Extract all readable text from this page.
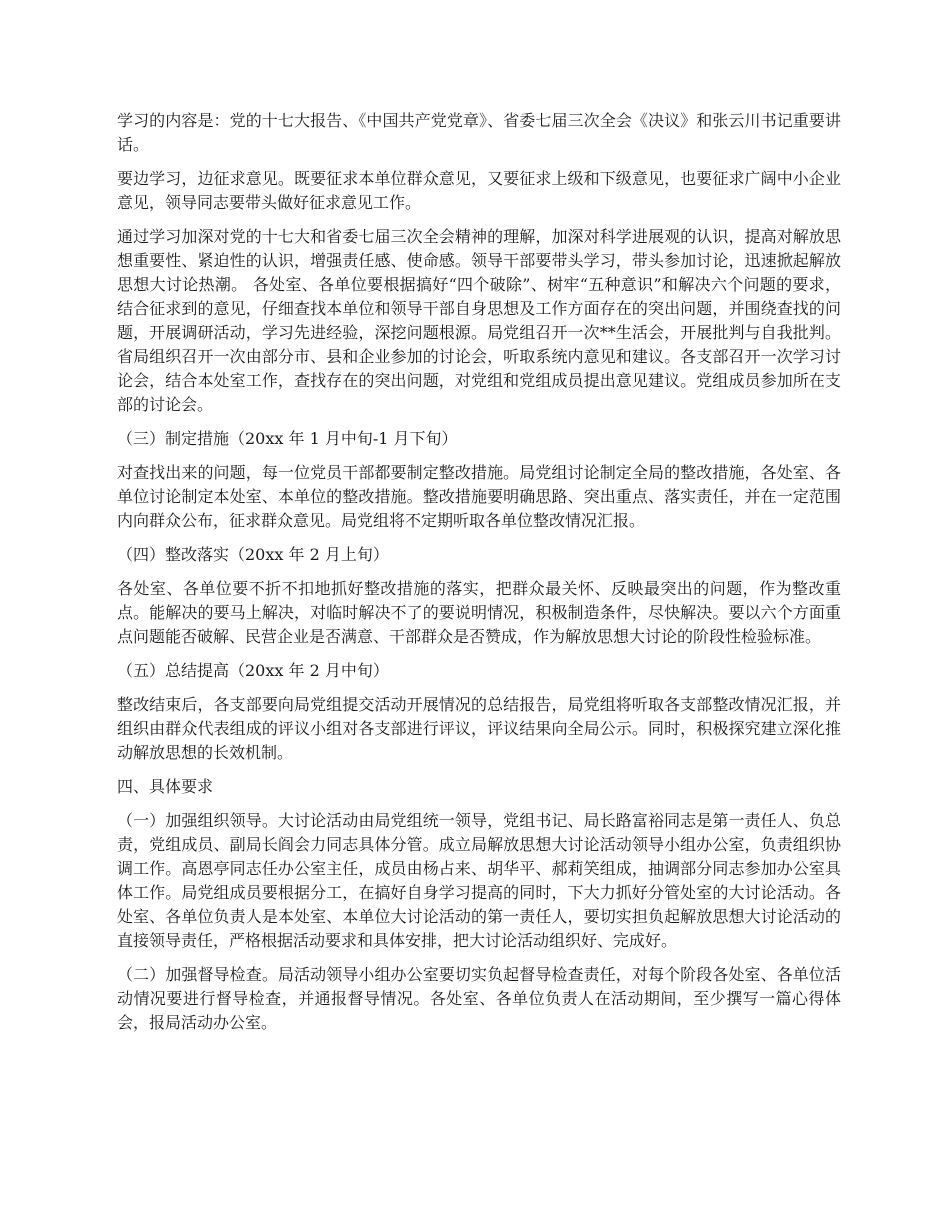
学习的内容是：党的十七大报告、《中国共产党党章》、省委七届三次全会《决议》和张云川书记重要讲话。

要边学习，边征求意见。既要征求本单位群众意见，又要征求上级和下级意见，也要征求广阔中小企业意见，领导同志要带头做好征求意见工作。

通过学习加深对党的十七大和省委七届三次全会精神的理解，加深对科学进展观的认识，提高对解放思想重要性、紧迫性的认识，增强责任感、使命感。领导干部要带头学习，带头参加讨论，迅速掀起解放思想大讨论热潮。 各处室、各单位要根据搞好“四个破除”、树牢“五种意识”和解决六个问题的要求，结合征求到的意见，仔细查找本单位和领导干部自身思想及工作方面存在的突出问题，并围绕查找的问题，开展调研活动，学习先进经验，深挖问题根源。局党组召开一次**生活会，开展批判与自我批判。省局组织召开一次由部分市、县和企业参加的讨论会，听取系统内意见和建议。各支部召开一次学习讨论会，结合本处室工作，查找存在的突出问题，对党组和党组成员提出意见建议。党组成员参加所在支部的讨论会。

（三）制定措施（20xx 年 1 月中旬-1 月下旬）

对查找出来的问题，每一位党员干部都要制定整改措施。局党组讨论制定全局的整改措施，各处室、各单位讨论制定本处室、本单位的整改措施。整改措施要明确思路、突出重点、落实责任，并在一定范围内向群众公布，征求群众意见。局党组将不定期听取各单位整改情况汇报。

（四）整改落实（20xx 年 2 月上旬）

各处室、各单位要不折不扣地抓好整改措施的落实，把群众最关怀、反映最突出的问题，作为整改重点。能解决的要马上解决，对临时解决不了的要说明情况，积极制造条件，尽快解决。要以六个方面重点问题能否破解、民营企业是否满意、干部群众是否赞成，作为解放思想大讨论的阶段性检验标准。

（五）总结提高（20xx 年 2 月中旬）

整改结束后，各支部要向局党组提交活动开展情况的总结报告，局党组将听取各支部整改情况汇报，并组织由群众代表组成的评议小组对各支部进行评议，评议结果向全局公示。同时，积极探究建立深化推动解放思想的长效机制。

四、具体要求

（一）加强组织领导。大讨论活动由局党组统一领导，党组书记、局长路富裕同志是第一责任人、负总责，党组成员、副局长阎会力同志具体分管。成立局解放思想大讨论活动领导小组办公室，负责组织协调工作。高恩亭同志任办公室主任，成员由杨占来、胡华平、郝莉笑组成，抽调部分同志参加办公室具体工作。局党组成员要根据分工，在搞好自身学习提高的同时，下大力抓好分管处室的大讨论活动。各处室、各单位负责人是本处室、本单位大讨论活动的第一责任人，要切实担负起解放思想大讨论活动的直接领导责任，严格根据活动要求和具体安排，把大讨论活动组织好、完成好。

（二）加强督导检查。局活动领导小组办公室要切实负起督导检查责任，对每个阶段各处室、各单位活动情况要进行督导检查，并通报督导情况。各处室、各单位负责人在活动期间，至少撰写一篇心得体会，报局活动办公室。
